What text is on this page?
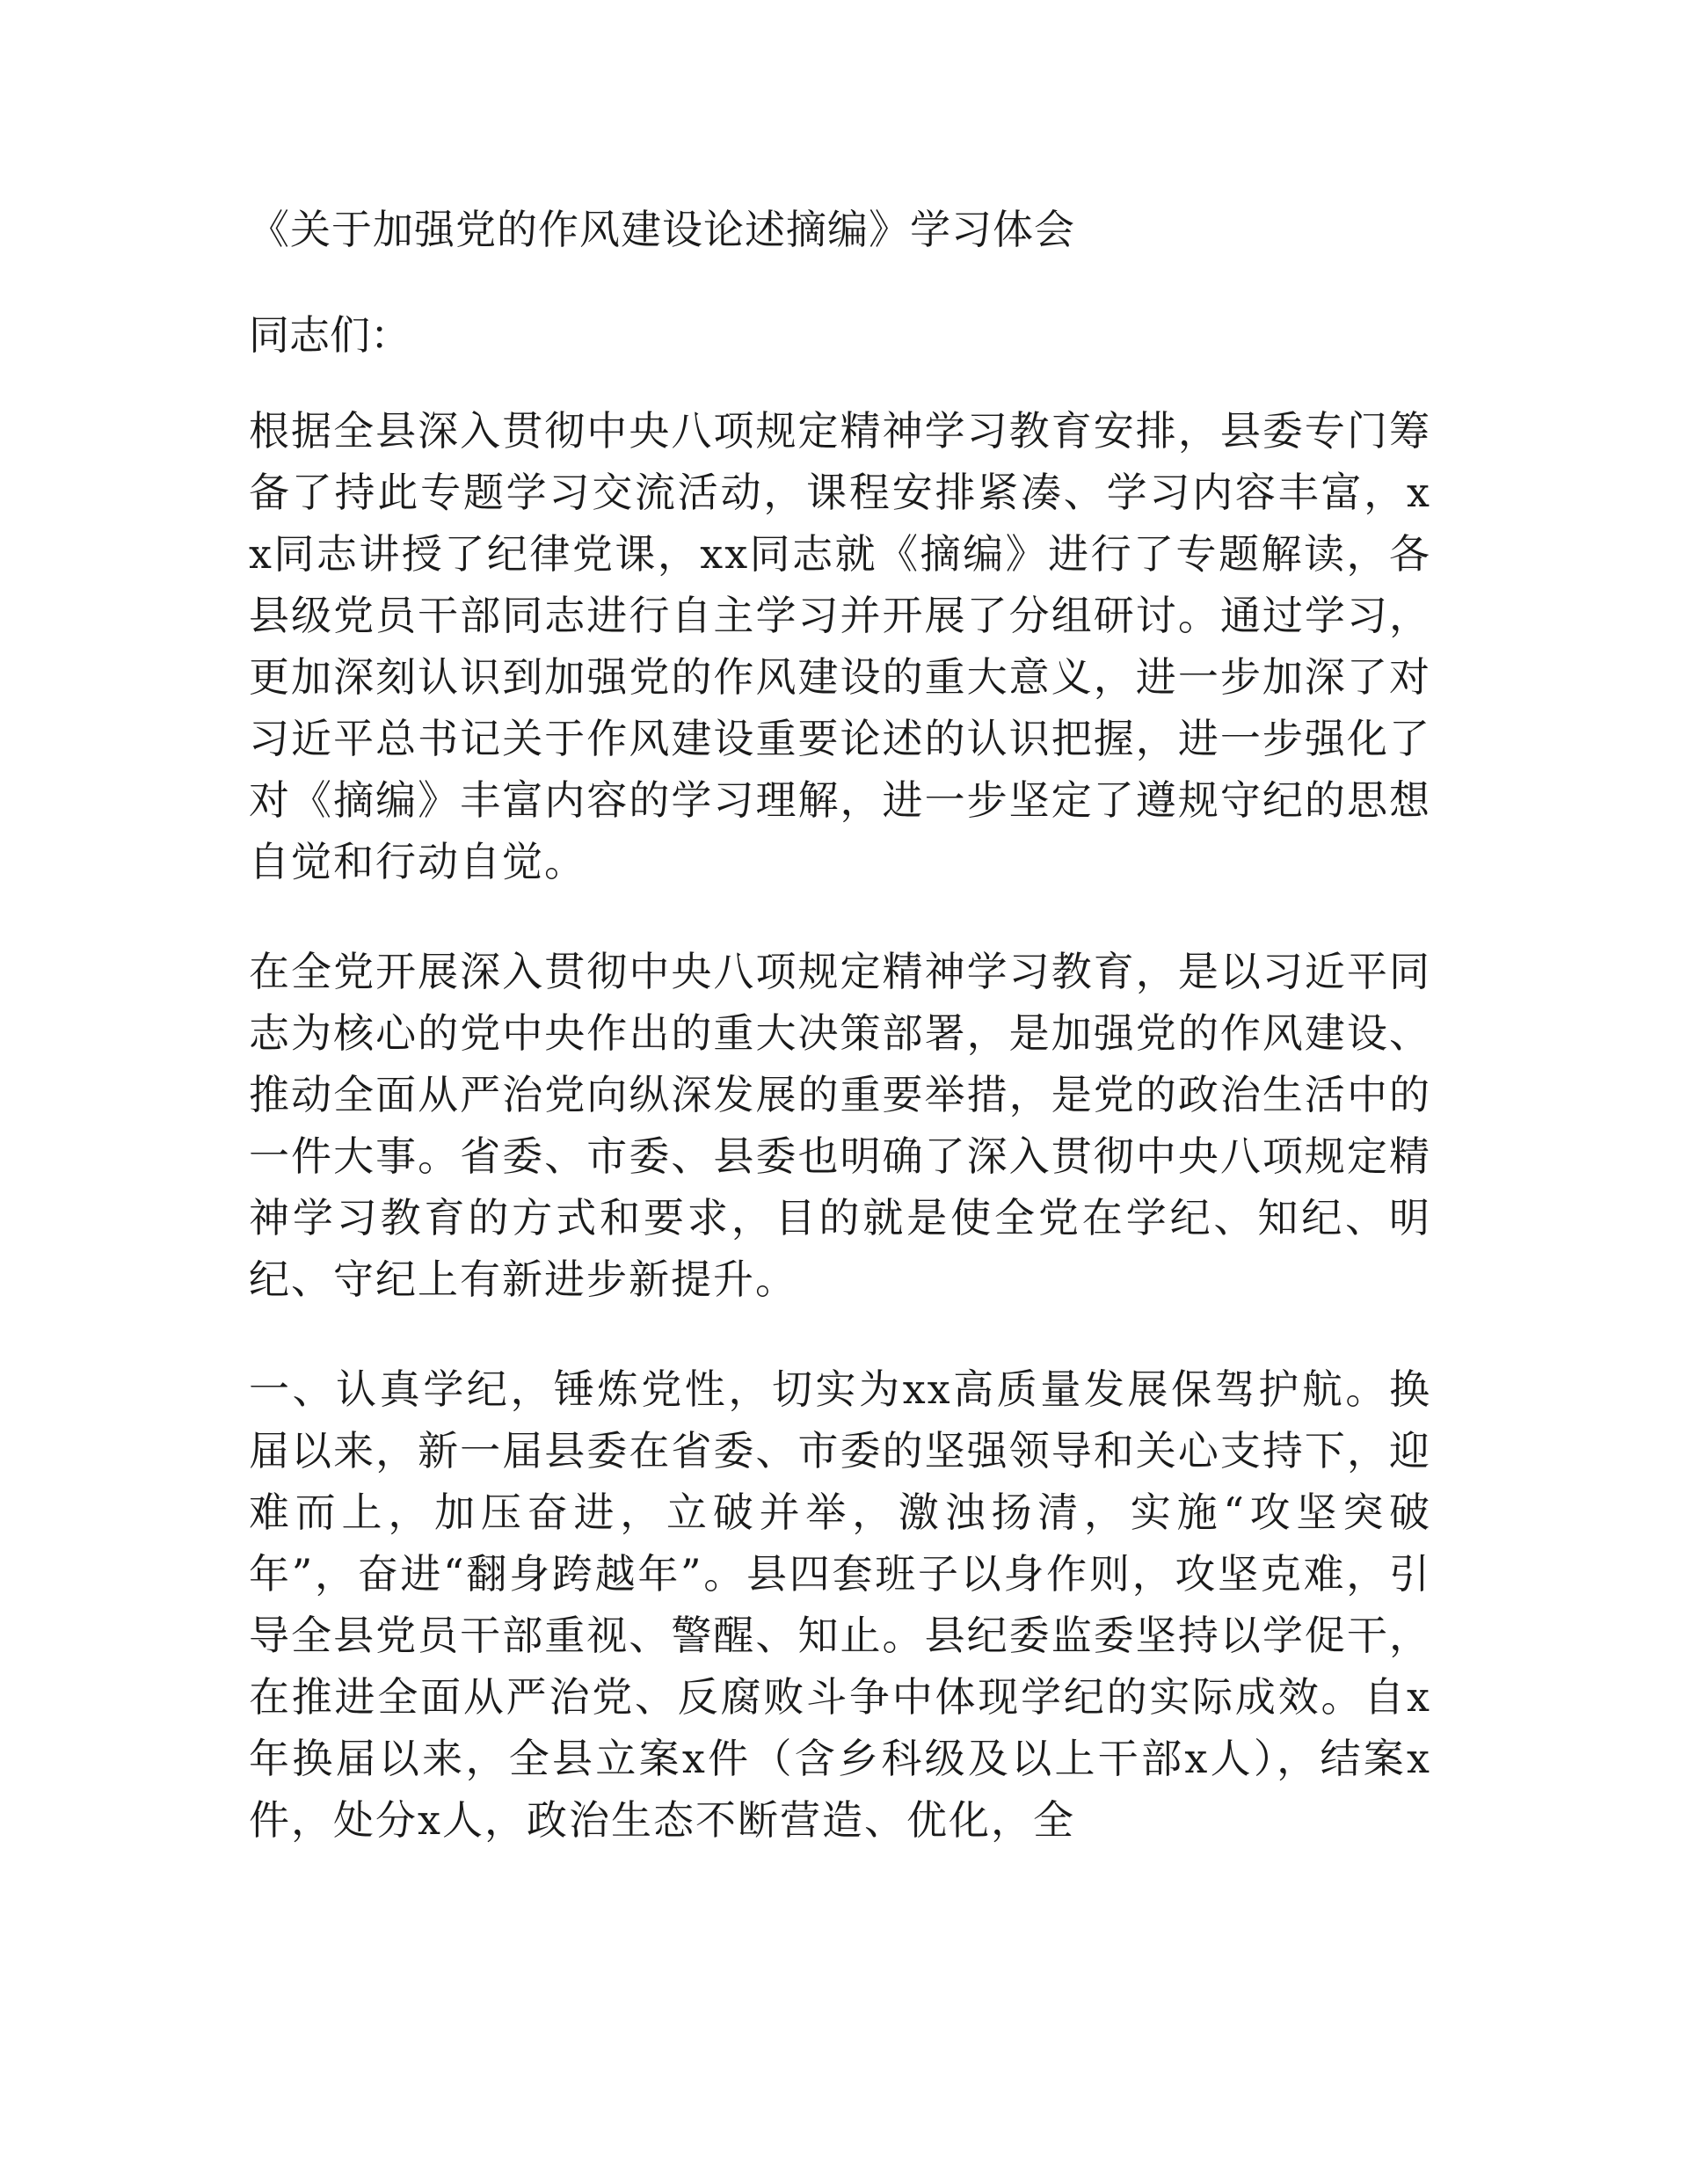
《关于加强党的作风建设论述摘编》学习体会
同志们：

根据全县深入贯彻中央八项规定精神学习教育安排，县委专门筹备了持此专题学习交流活动，课程安排紧凑、学习内容丰富，xx同志讲授了纪律党课，xx同志就《摘编》进行了专题解读，各县级党员干部同志进行自主学习并开展了分组研讨。通过学习，更加深刻认识到加强党的作风建设的重大意义，进一步加深了对习近平总书记关于作风建设重要论述的认识把握，进一步强化了对《摘编》丰富内容的学习理解，进一步坚定了遵规守纪的思想自觉和行动自觉。

在全党开展深入贯彻中央八项规定精神学习教育，是以习近平同志为核心的党中央作出的重大决策部署，是加强党的作风建设、推动全面从严治党向纵深发展的重要举措，是党的政治生活中的一件大事。省委、市委、县委也明确了深入贯彻中央八项规定精神学习教育的方式和要求，目的就是使全党在学纪、知纪、明纪、守纪上有新进步新提升。

一、认真学纪，锤炼党性，切实为xx高质量发展保驾护航。换届以来，新一届县委在省委、市委的坚强领导和关心支持下，迎难而上，加压奋进，立破并举，激浊扬清，实施“攻坚突破年”，奋进“翻身跨越年”。县四套班子以身作则，攻坚克难，引导全县党员干部重视、警醒、知止。县纪委监委坚持以学促干，在推进全面从严治党、反腐败斗争中体现学纪的实际成效。自x年换届以来，全县立案x件（含乡科级及以上干部x人），结案x件，处分x人，政治生态不断营造、优化，全
